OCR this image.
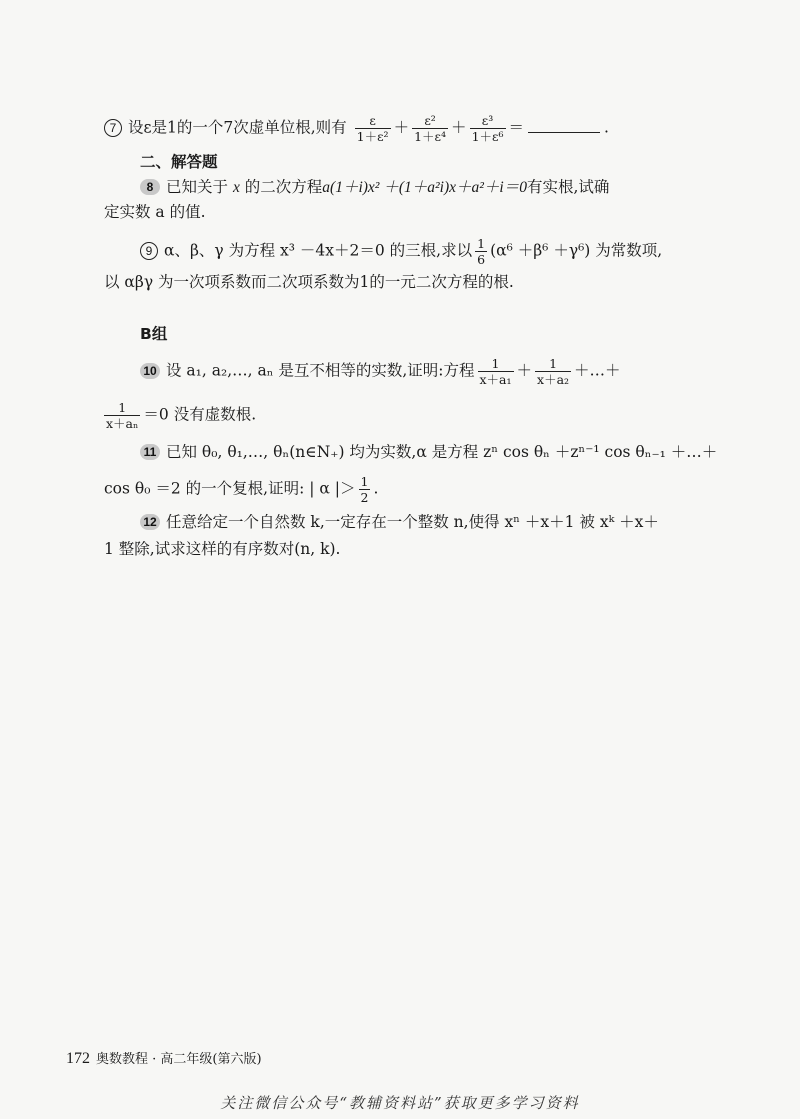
7 设ε是1的一个7次虚单位根,则有 $\frac{\varepsilon}{\text{1＋ε²}} + \frac{\text{ε²}}{\text{1＋ε⁴}} + \frac{\text{ε³}}{\text{1＋ε⁶}}$ ＝	.
二、解答题
8 已知关于 x 的二次方程a(1＋i)x² ＋(1＋a²i)x＋a²＋i＝0有实根,试确
定实数 a 的值.
9 α、β、γ 为方程 x³ －4x＋2＝0 的三根,求以 $\frac{1}{6} (\alpha^6 +\beta^6 +\gamma^6)$ 为常数项,
以 αβγ 为一次项系数而二次项系数为1的一元二次方程的根.
B组
10 设 a₁, a₂,…, aₙ 是互不相等的实数,证明:方程 $\frac{1}{\text{x＋a₁}} + \frac{1}{\text{x＋a₂}}$ ＋…＋
$\frac{1}{\text{x＋aₙ}} =0$ 没有虚数根.
11 已知 θ₀, θ₁,…, θₙ(n∈N₊) 均为实数,α 是方程 zⁿ cos θₙ ＋zⁿ⁻¹ cos θₙ₋₁ ＋…＋
cos θ₀ ＝2 的一个复根,证明: | α |＞ $\frac{1}{2}$ .
12 任意给定一个自然数 k,一定存在一个整数 n,使得 xⁿ ＋x＋1 被 xᵏ ＋x＋
1 整除,试求这样的有序数对(n, k).
172 奥数教程 · 高二年级(第六版)
关注微信公众号“教辅资料站”获取更多学习资料
